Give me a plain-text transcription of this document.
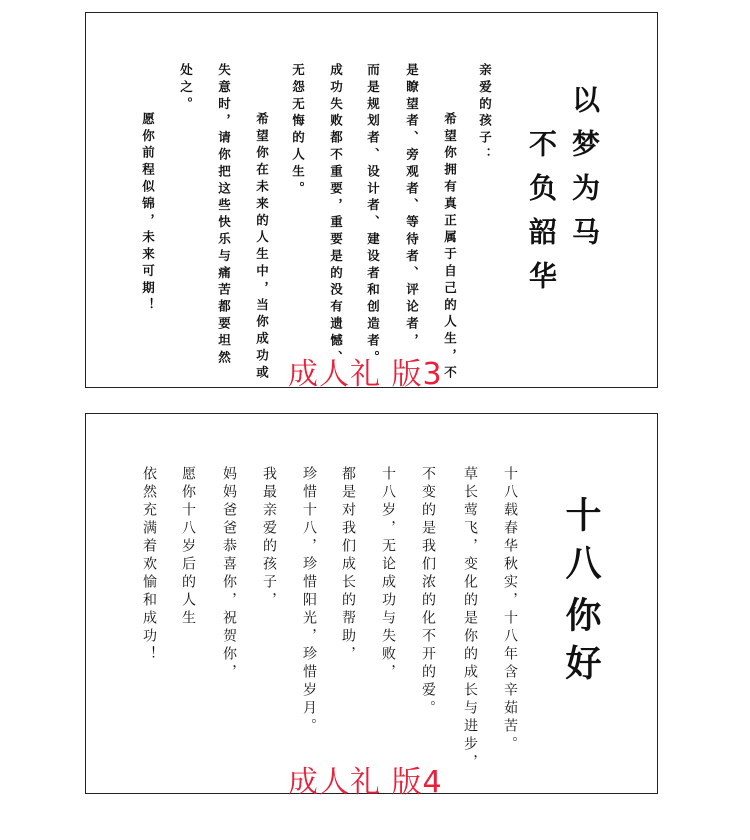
以梦为马
不负韶华
亲爱的孩子：
　希望你拥有真正属于自己的人生，不
是瞭望者、旁观者、等待者、评论者，
而是规划者、设计者、建设者和创造者。
成功失败都不重要，重要是的没有遗憾、
无怨无悔的人生。
　希望你在未来的人生中，当你成功或
失意时，请你把这些快乐与痛苦都要坦然
处之。
　愿你前程似锦，未来可期！
成人礼 版3
十八
你好
十八载春华秋实，十八年含辛茹苦。
草长莺飞，变化的是你的成长与进步，
不变的是我们浓的化不开的爱。
十八岁，无论成功与失败，
都是对我们成长的帮助，
珍惜十八，珍惜阳光，珍惜岁月。
我最亲爱的孩子，
妈妈爸爸恭喜你，祝贺你，
愿你十八岁后的人生
依然充满着欢愉和成功！
成人礼 版4
